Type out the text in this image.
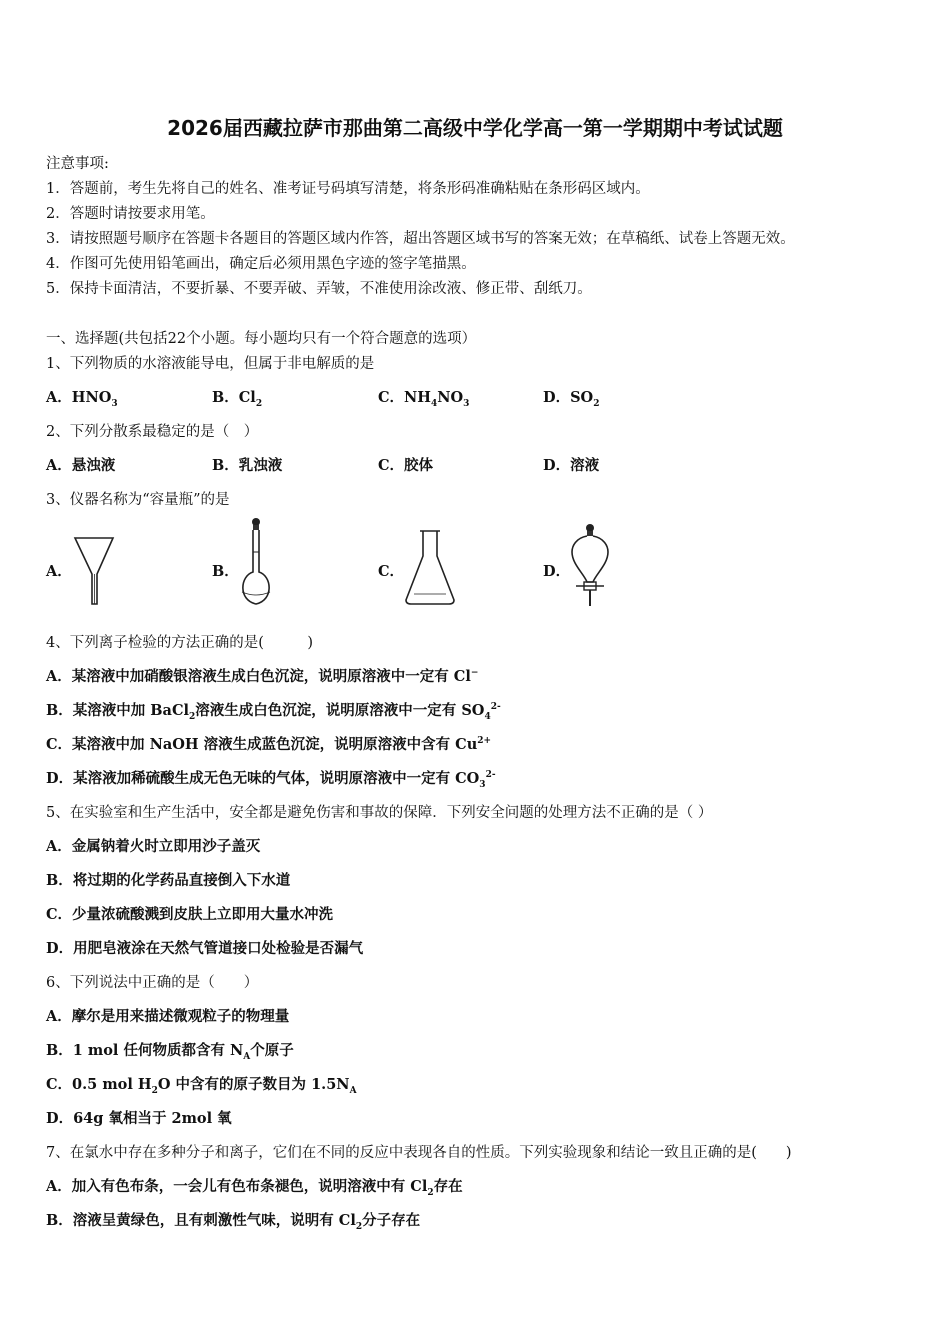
2026届西藏拉萨市那曲第二高级中学化学高一第一学期期中考试试题
注意事项:
1．答题前，考生先将自己的姓名、准考证号码填写清楚，将条形码准确粘贴在条形码区域内。
2．答题时请按要求用笔。
3．请按照题号顺序在答题卡各题目的答题区域内作答，超出答题区域书写的答案无效；在草稿纸、试卷上答题无效。
4．作图可先使用铅笔画出，确定后必须用黑色字迹的签字笔描黑。
5．保持卡面清洁，不要折暴、不要弄破、弄皱，不准使用涂改液、修正带、刮纸刀。
一、选择题(共包括22个小题。每小题均只有一个符合题意的选项）
1、下列物质的水溶液能导电，但属于非电解质的是
A．$HNO_3$	B．$Cl_2$	C．$NH_4NO_3$	D．$SO_2$
2、下列分散系最稳定的是（　）
A．悬浊液	B．乳浊液	C．胶体	D．溶液
3、仪器名称为“容量瓶”的是
A．	B．	C．	D．
4、下列离子检验的方法正确的是(　　　)
A．某溶液中加硝酸银溶液生成白色沉淀，说明原溶液中一定有 Cl−
B．某溶液中加 BaCl$_2$溶液生成白色沉淀，说明原溶液中一定有 $SO_4^{2-}$
C．某溶液中加 NaOH 溶液生成蓝色沉淀，说明原溶液中含有 $Cu^{2+}$
D．某溶液加稀硫酸生成无色无味的气体，说明原溶液中一定有 $CO_3^{2-}$
5、在实验室和生产生活中，安全都是避免伤害和事故的保障．下列安全问题的处理方法不正确的是（ ）
A．金属钠着火时立即用沙子盖灭
B．将过期的化学药品直接倒入下水道
C．少量浓硫酸溅到皮肤上立即用大量水冲洗
D．用肥皂液涂在天然气管道接口处检验是否漏气
6、下列说法中正确的是（　　）
A．摩尔是用来描述微观粒子的物理量
B．1 mol 任何物质都含有 $N_A$个原子
C．0.5 mol $H_2O$ 中含有的原子数目为 $1.5N_A$
D．64g 氧相当于 2mol 氧
7、在氯水中存在多种分子和离子，它们在不同的反应中表现各自的性质。下列实验现象和结论一致且正确的是(　　)
A．加入有色布条，一会儿有色布条褪色，说明溶液中有 $Cl_2$存在
B．溶液呈黄绿色，且有刺激性气味，说明有 $Cl_2$分子存在
